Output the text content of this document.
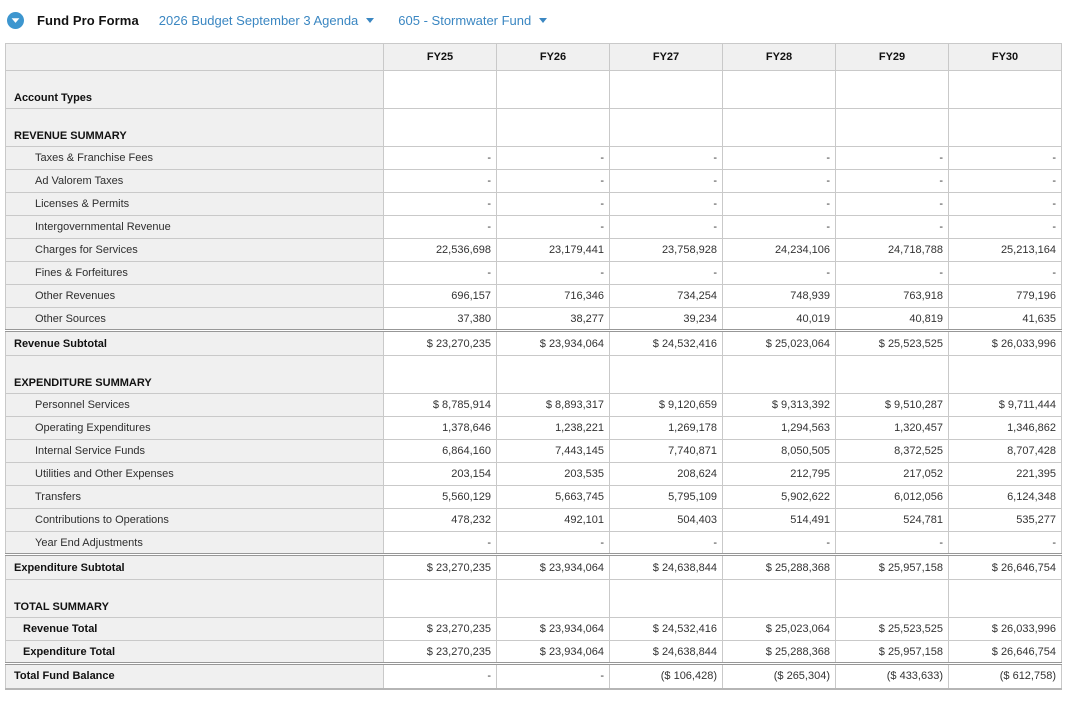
Fund Pro Forma 2026 Budget September 3 Agenda	605 - Stormwater Fund
	FY25	FY26	FY27	FY28	FY29	FY30
Account Types						
REVENUE SUMMARY						
Taxes & Franchise Fees	-	-	-	-	-	-
Ad Valorem Taxes	-	-	-	-	-	-
Licenses & Permits	-	-	-	-	-	-
Intergovernmental Revenue	-	-	-	-	-	-
Charges for Services	22,536,698	23,179,441	23,758,928	24,234,106	24,718,788	25,213,164
Fines & Forfeitures	-	-	-	-	-	-
Other Revenues	696,157	716,346	734,254	748,939	763,918	779,196
Other Sources	37,380	38,277	39,234	40,019	40,819	41,635
Revenue Subtotal	$ 23,270,235	$ 23,934,064	$ 24,532,416	$ 25,023,064	$ 25,523,525	$ 26,033,996
EXPENDITURE SUMMARY						
Personnel Services	$ 8,785,914	$ 8,893,317	$ 9,120,659	$ 9,313,392	$ 9,510,287	$ 9,711,444
Operating Expenditures	1,378,646	1,238,221	1,269,178	1,294,563	1,320,457	1,346,862
Internal Service Funds	6,864,160	7,443,145	7,740,871	8,050,505	8,372,525	8,707,428
Utilities and Other Expenses	203,154	203,535	208,624	212,795	217,052	221,395
Transfers	5,560,129	5,663,745	5,795,109	5,902,622	6,012,056	6,124,348
Contributions to Operations	478,232	492,101	504,403	514,491	524,781	535,277
Year End Adjustments	-	-	-	-	-	-
Expenditure Subtotal	$ 23,270,235	$ 23,934,064	$ 24,638,844	$ 25,288,368	$ 25,957,158	$ 26,646,754
TOTAL SUMMARY						
Revenue Total	$ 23,270,235	$ 23,934,064	$ 24,532,416	$ 25,023,064	$ 25,523,525	$ 26,033,996
Expenditure Total	$ 23,270,235	$ 23,934,064	$ 24,638,844	$ 25,288,368	$ 25,957,158	$ 26,646,754
Total Fund Balance	-	-	($ 106,428)	($ 265,304)	($ 433,633)	($ 612,758)
